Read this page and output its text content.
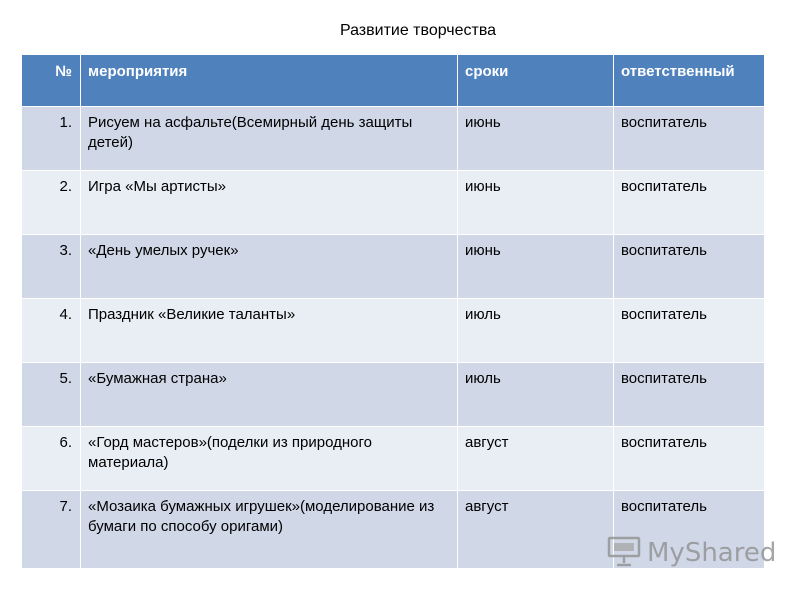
Развитие творчества
№	мероприятия	сроки	ответственный
1.	Рисуем на асфальте(Всемирный день защиты детей)	июнь	воспитатель
2.	Игра «Мы артисты»	июнь	воспитатель
3.	«День умелых ручек»	июнь	воспитатель
4.	Праздник «Великие таланты»	июль	воспитатель
5.	«Бумажная страна»	июль	воспитатель
6.	«Горд мастеров»(поделки из природного материала)	август	воспитатель
7.	«Мозаика бумажных игрушек»(моделирование из бумаги по способу оригами)	август	воспитатель
MyShared
